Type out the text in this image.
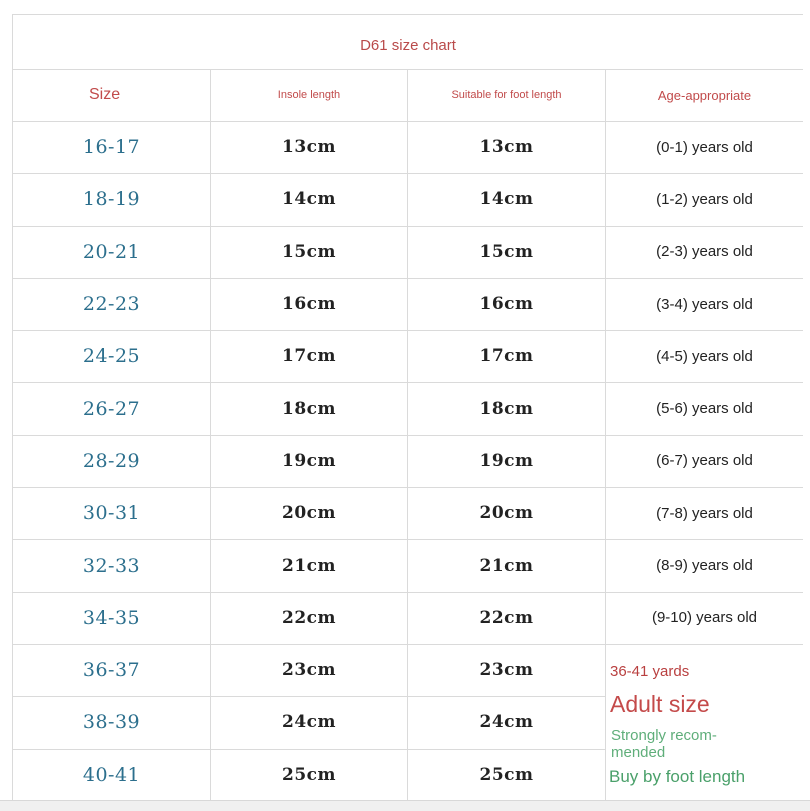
D61 size chart
Size	Insole length	Suitable for foot length	Age-appropriate
16-17	13cm	13cm	(0-1) years old
18-19	14cm	14cm	(1-2) years old
20-21	15cm	15cm	(2-3) years old
22-23	16cm	16cm	(3-4) years old
24-25	17cm	17cm	(4-5) years old
26-27	18cm	18cm	(5-6) years old
28-29	19cm	19cm	(6-7) years old
30-31	20cm	20cm	(7-8) years old
32-33	21cm	21cm	(8-9) years old
34-35	22cm	22cm	(9-10) years old
36-37	23cm	23cm
38-39	24cm	24cm
40-41	25cm	25cm
36-41 yards
Adult size
Strongly recom- mended
Buy by foot length
